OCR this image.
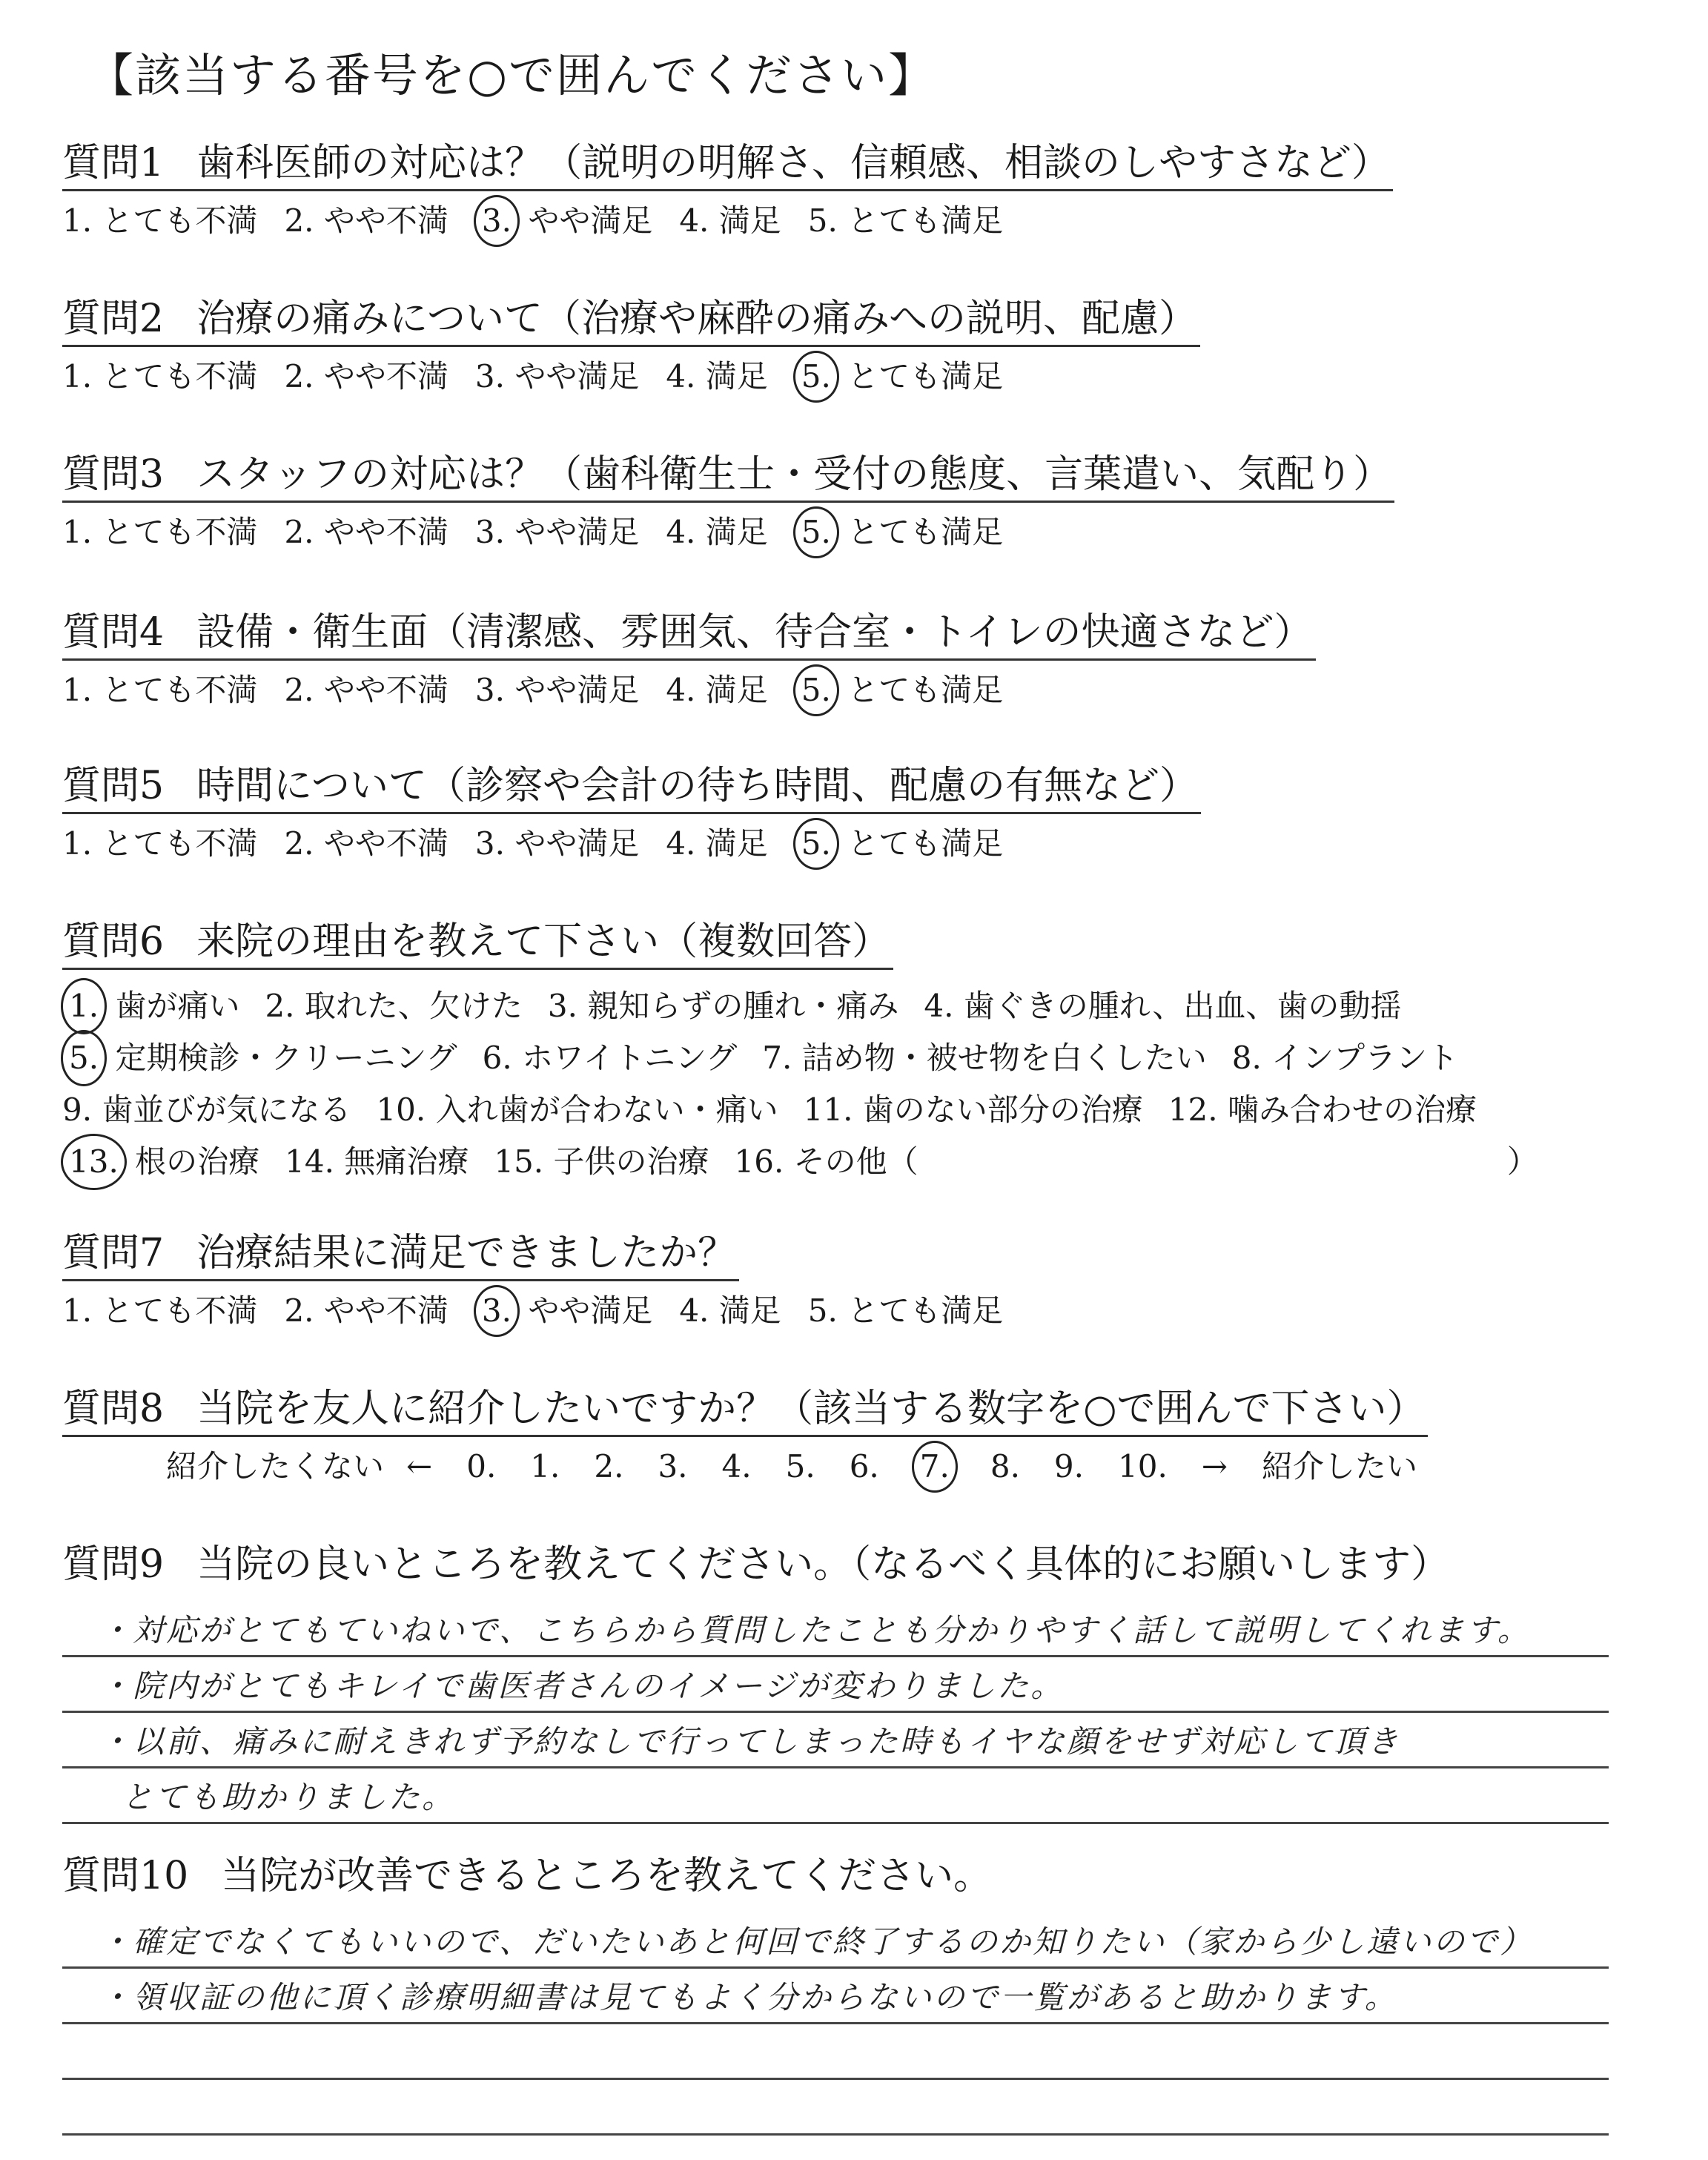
【該当する番号を○で囲んでください】
質問1 歯科医師の対応は？（説明の明解さ、信頼感、相談のしやすさなど）
1. とても不満 2. やや不満 3. やや満足 4. 満足 5. とても満足
質問2 治療の痛みについて（治療や麻酔の痛みへの説明、配慮）
1. とても不満 2. やや不満 3. やや満足 4. 満足 5. とても満足
質問3 スタッフの対応は？（歯科衛生士・受付の態度、言葉遣い、気配り）
1. とても不満 2. やや不満 3. やや満足 4. 満足 5. とても満足
質問4 設備・衛生面（清潔感、雰囲気、待合室・トイレの快適さなど）
1. とても不満 2. やや不満 3. やや満足 4. 満足 5. とても満足
質問5 時間について（診察や会計の待ち時間、配慮の有無など）
1. とても不満 2. やや不満 3. やや満足 4. 満足 5. とても満足
質問6 来院の理由を教えて下さい（複数回答）
1. 歯が痛い 2. 取れた、欠けた 3. 親知らずの腫れ・痛み 4. 歯ぐきの腫れ、出血、歯の動揺
5. 定期検診・クリーニング 6. ホワイトニング 7. 詰め物・被せ物を白くしたい 8. インプラント
9. 歯並びが気になる 10. 入れ歯が合わない・痛い 11. 歯のない部分の治療 12. 噛み合わせの治療
13. 根の治療 14. 無痛治療 15. 子供の治療 16. その他（	）
質問7 治療結果に満足できましたか？
1. とても不満 2. やや不満 3. やや満足 4. 満足 5. とても満足
質問8 当院を友人に紹介したいですか？（該当する数字を○で囲んで下さい）
紹介したくない ← 0. 1. 2. 3. 4. 5. 6. 7. 8. 9. 10. → 紹介したい
質問9 当院の良いところを教えてください。（なるべく具体的にお願いします）
・対応がとてもていねいで、こちらから質問したことも分かりやすく話して説明してくれます。
・院内がとてもキレイで歯医者さんのイメージが変わりました。
・以前、痛みに耐えきれず予約なしで行ってしまった時もイヤな顔をせず対応して頂き
とても助かりました。
質問10 当院が改善できるところを教えてください。
・確定でなくてもいいので、だいたいあと何回で終了するのか知りたい（家から少し遠いので）
・領収証の他に頂く診療明細書は見てもよく分からないので一覧があると助かります。
